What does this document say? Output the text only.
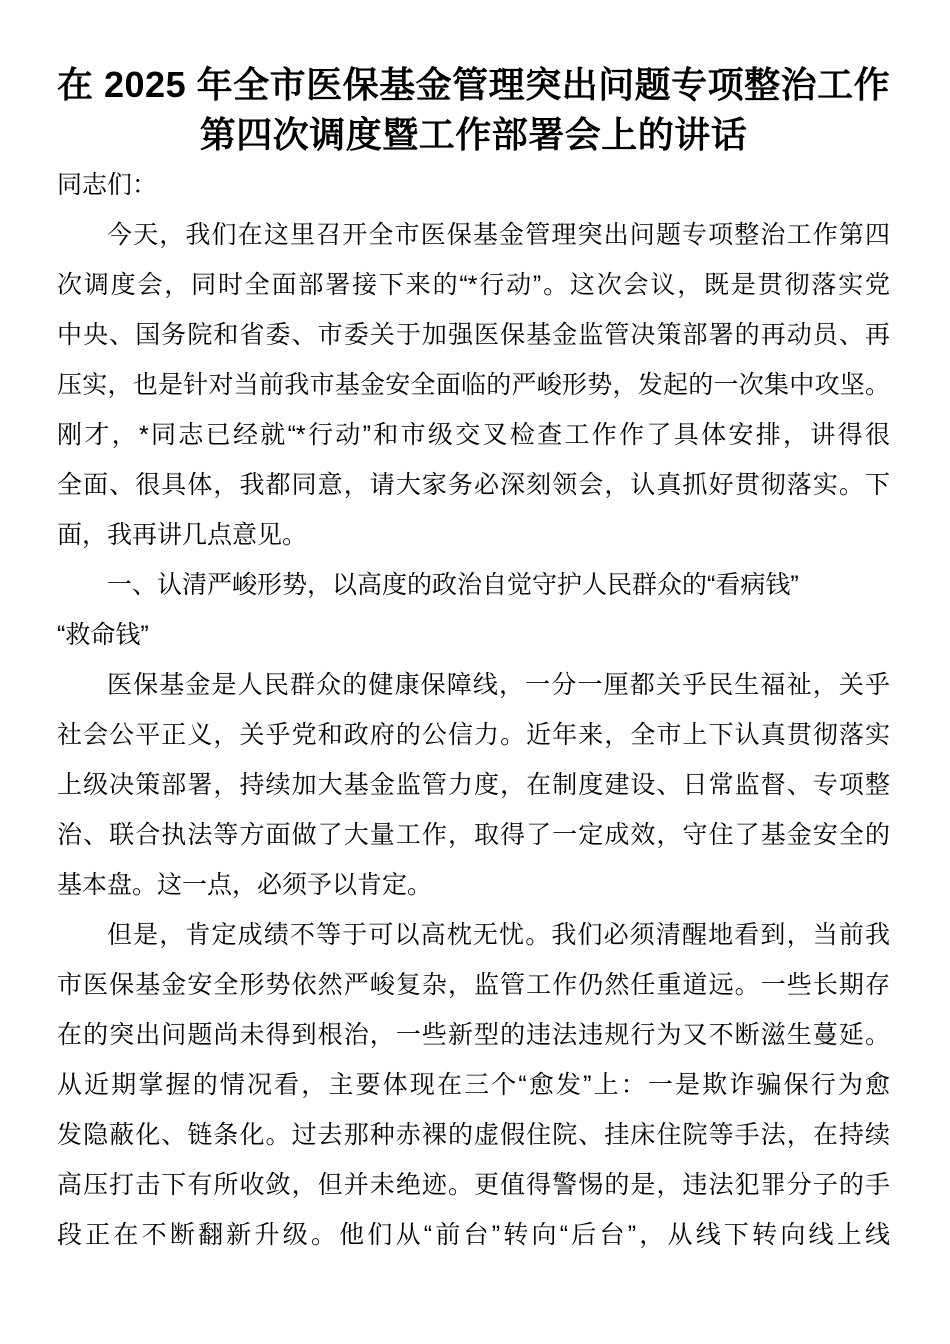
在 2025 年全市医保基金管理突出问题专项整治工作
第四次调度暨工作部署会上的讲话
同志们：
今天，我们在这里召开全市医保基金管理突出问题专项整治工作第四
次调度会，同时全面部署接下来的“*行动”。这次会议，既是贯彻落实党
中央、国务院和省委、市委关于加强医保基金监管决策部署的再动员、再
压实，也是针对当前我市基金安全面临的严峻形势，发起的一次集中攻坚。
刚才，*同志已经就“*行动”和市级交叉检查工作作了具体安排，讲得很
全面、很具体，我都同意，请大家务必深刻领会，认真抓好贯彻落实。下
面，我再讲几点意见。
一、认清严峻形势，以高度的政治自觉守护人民群众的“看病钱”
“救命钱”
医保基金是人民群众的健康保障线，一分一厘都关乎民生福祉，关乎
社会公平正义，关乎党和政府的公信力。近年来，全市上下认真贯彻落实
上级决策部署，持续加大基金监管力度，在制度建设、日常监督、专项整
治、联合执法等方面做了大量工作，取得了一定成效，守住了基金安全的
基本盘。这一点，必须予以肯定。
但是，肯定成绩不等于可以高枕无忧。我们必须清醒地看到，当前我
市医保基金安全形势依然严峻复杂，监管工作仍然任重道远。一些长期存
在的突出问题尚未得到根治，一些新型的违法违规行为又不断滋生蔓延。
从近期掌握的情况看，主要体现在三个“愈发”上：一是欺诈骗保行为愈
发隐蔽化、链条化。过去那种赤裸的虚假住院、挂床住院等手法，在持续
高压打击下有所收敛，但并未绝迹。更值得警惕的是，违法犯罪分子的手
段正在不断翻新升级。他们从“前台”转向“后台”，从线下转向线上线
